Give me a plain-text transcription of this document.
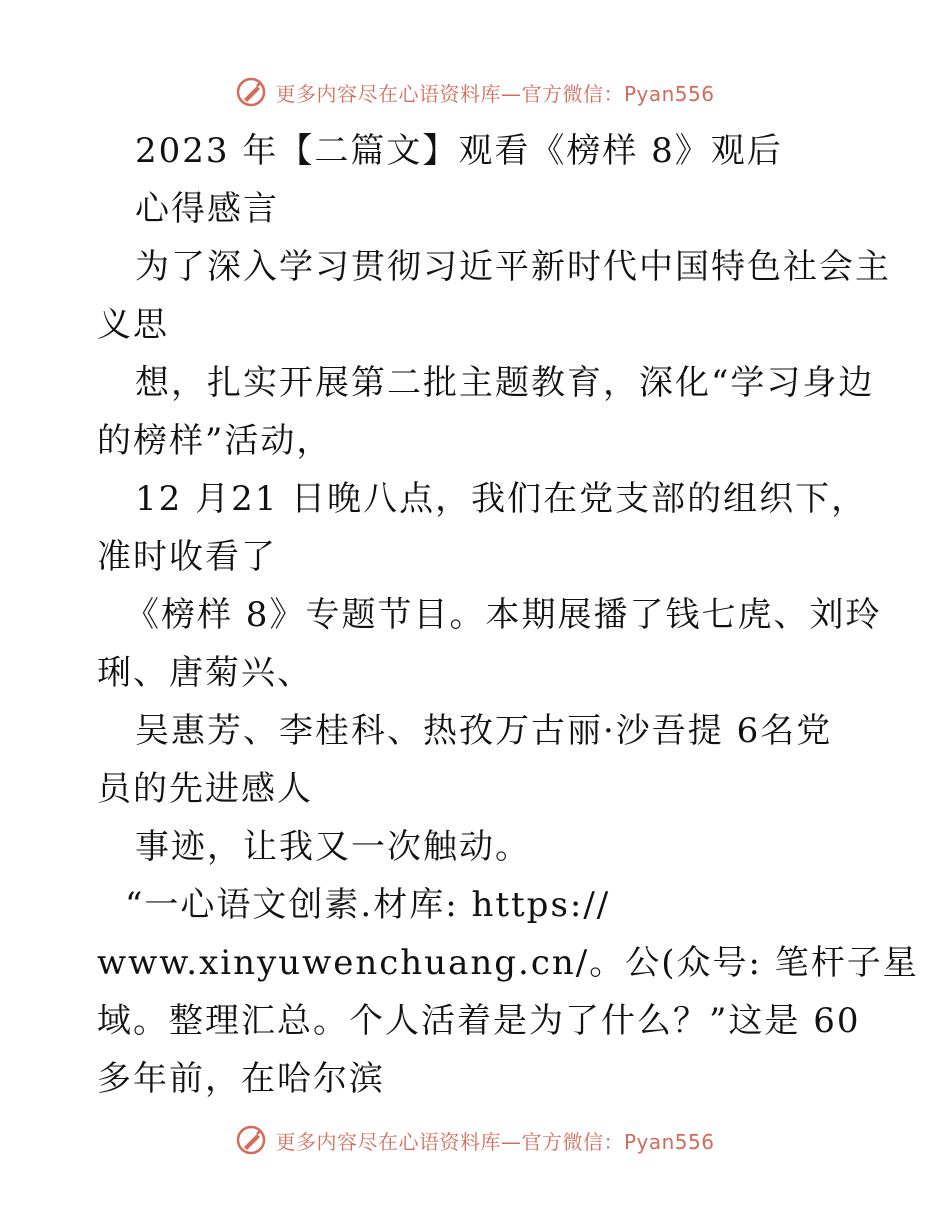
更多内容尽在心语资料库—官方微信：Pyan556
2023 年【二篇文】观看《榜样 8》观后
心得感言
为了深入学习贯彻习近平新时代中国特色社会主
义思
想，扎实开展第二批主题教育，深化“学习身边
的榜样”活动，
12 月21 日晚八点，我们在党支部的组织下，
准时收看了
《榜样 8》专题节目。本期展播了钱七虎、刘玲
琍、唐菊兴、
吴惠芳、李桂科、热孜万古丽·沙吾提 6名党
员的先进感人
事迹，让我又一次触动。
“一心语文创素.材库: https://
www.xinyuwenchuang.cn/。公(众号: 笔杆子星
域。整理汇总。个人活着是为了什么？”这是 60
多年前，在哈尔滨
更多内容尽在心语资料库—官方微信：Pyan556
